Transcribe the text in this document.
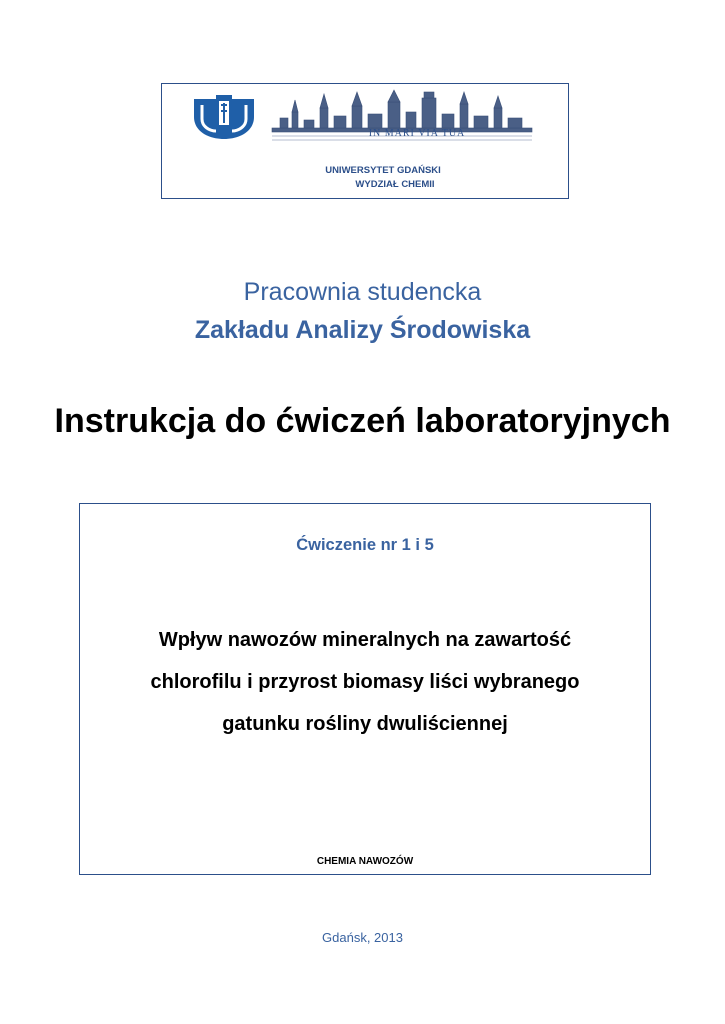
IN MARI VIA TUA
UNIWERSYTET GDAŃSKI
WYDZIAŁ CHEMII
Pracownia studencka
Zakładu Analizy Środowiska
Instrukcja do ćwiczeń laboratoryjnych
Ćwiczenie nr 1 i 5
Wpływ nawozów mineralnych na zawartość
chlorofilu i przyrost biomasy liści wybranego
gatunku rośliny dwuliściennej
CHEMIA NAWOZÓW
Gdańsk, 2013
